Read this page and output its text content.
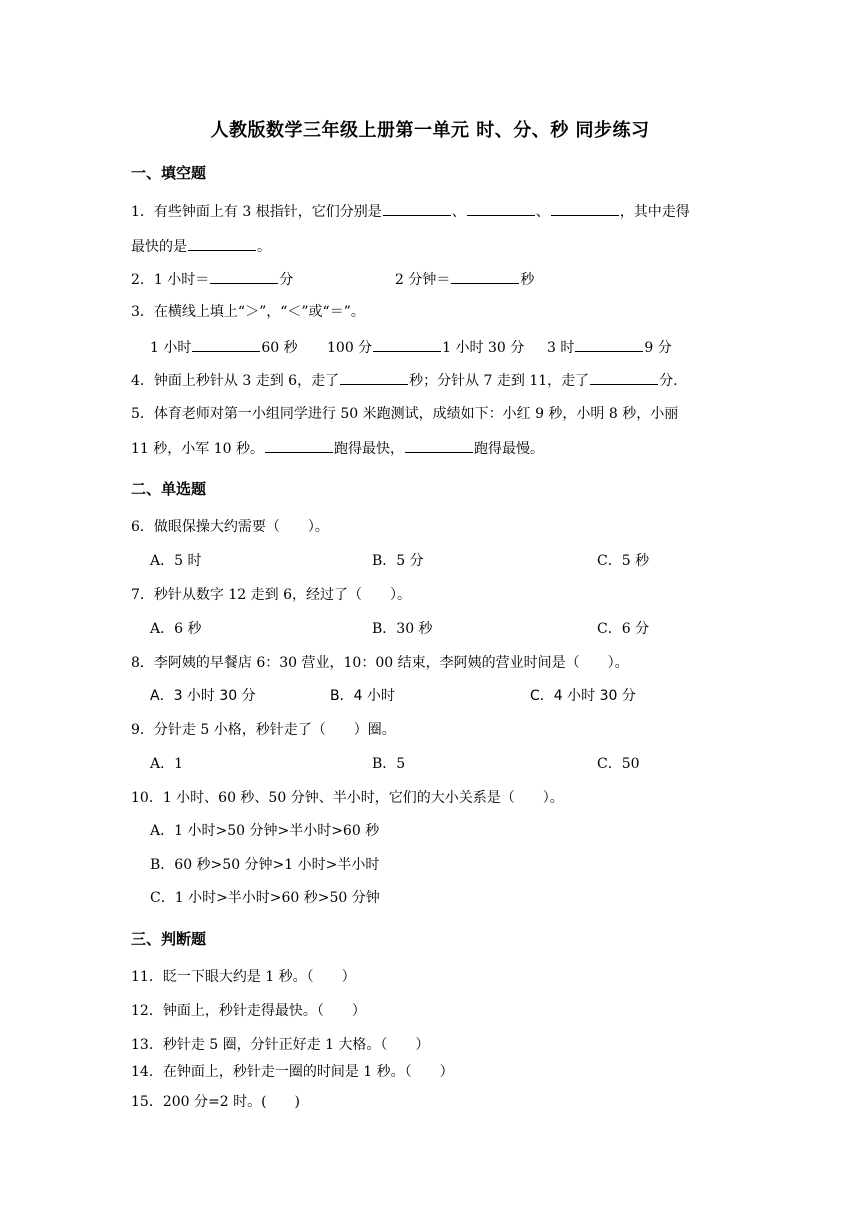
人教版数学三年级上册第一单元 时、分、秒 同步练习
一、填空题
1．有些钟面上有 3 根指针，它们分别是	、	、	，其中走得
最快的是	。
2．1 小时＝	分	2 分钟＝	秒
3．在横线上填上“＞”，“＜”或“＝”。
1 小时	60 秒 100 分	1 小时 30 分 3 时	9 分
4．钟面上秒针从 3 走到 6，走了	秒；分针从 7 走到 11，走了	分.
5．体育老师对第一小组同学进行 50 米跑测试，成绩如下：小红 9 秒，小明 8 秒，小丽
11 秒，小军 10 秒。	跑得最快，	跑得最慢。
二、单选题
6．做眼保操大约需要（　　）。
A．5 时	B．5 分	C．5 秒
7．秒针从数字 12 走到 6，经过了（　　）。
A．6 秒	B．30 秒	C．6 分
8．李阿姨的早餐店 6：30 营业，10：00 结束，李阿姨的营业时间是（　　）。
A．3 小时 30 分	B．4 小时	C．4 小时 30 分
9．分针走 5 小格，秒针走了（　　）圈。
A．1	B．5	C．50
10．1 小时、60 秒、50 分钟、半小时，它们的大小关系是（　　）。
A．1 小时>50 分钟>半小时>60 秒
B．60 秒>50 分钟>1 小时>半小时
C．1 小时>半小时>60 秒>50 分钟
三、判断题
11．眨一下眼大约是 1 秒。（　　）
12．钟面上，秒针走得最快。（　　）
13．秒针走 5 圈，分针正好走 1 大格。（　　）
14．在钟面上，秒针走一圈的时间是 1 秒。（　　）
15．200 分=2 时。(　　)
